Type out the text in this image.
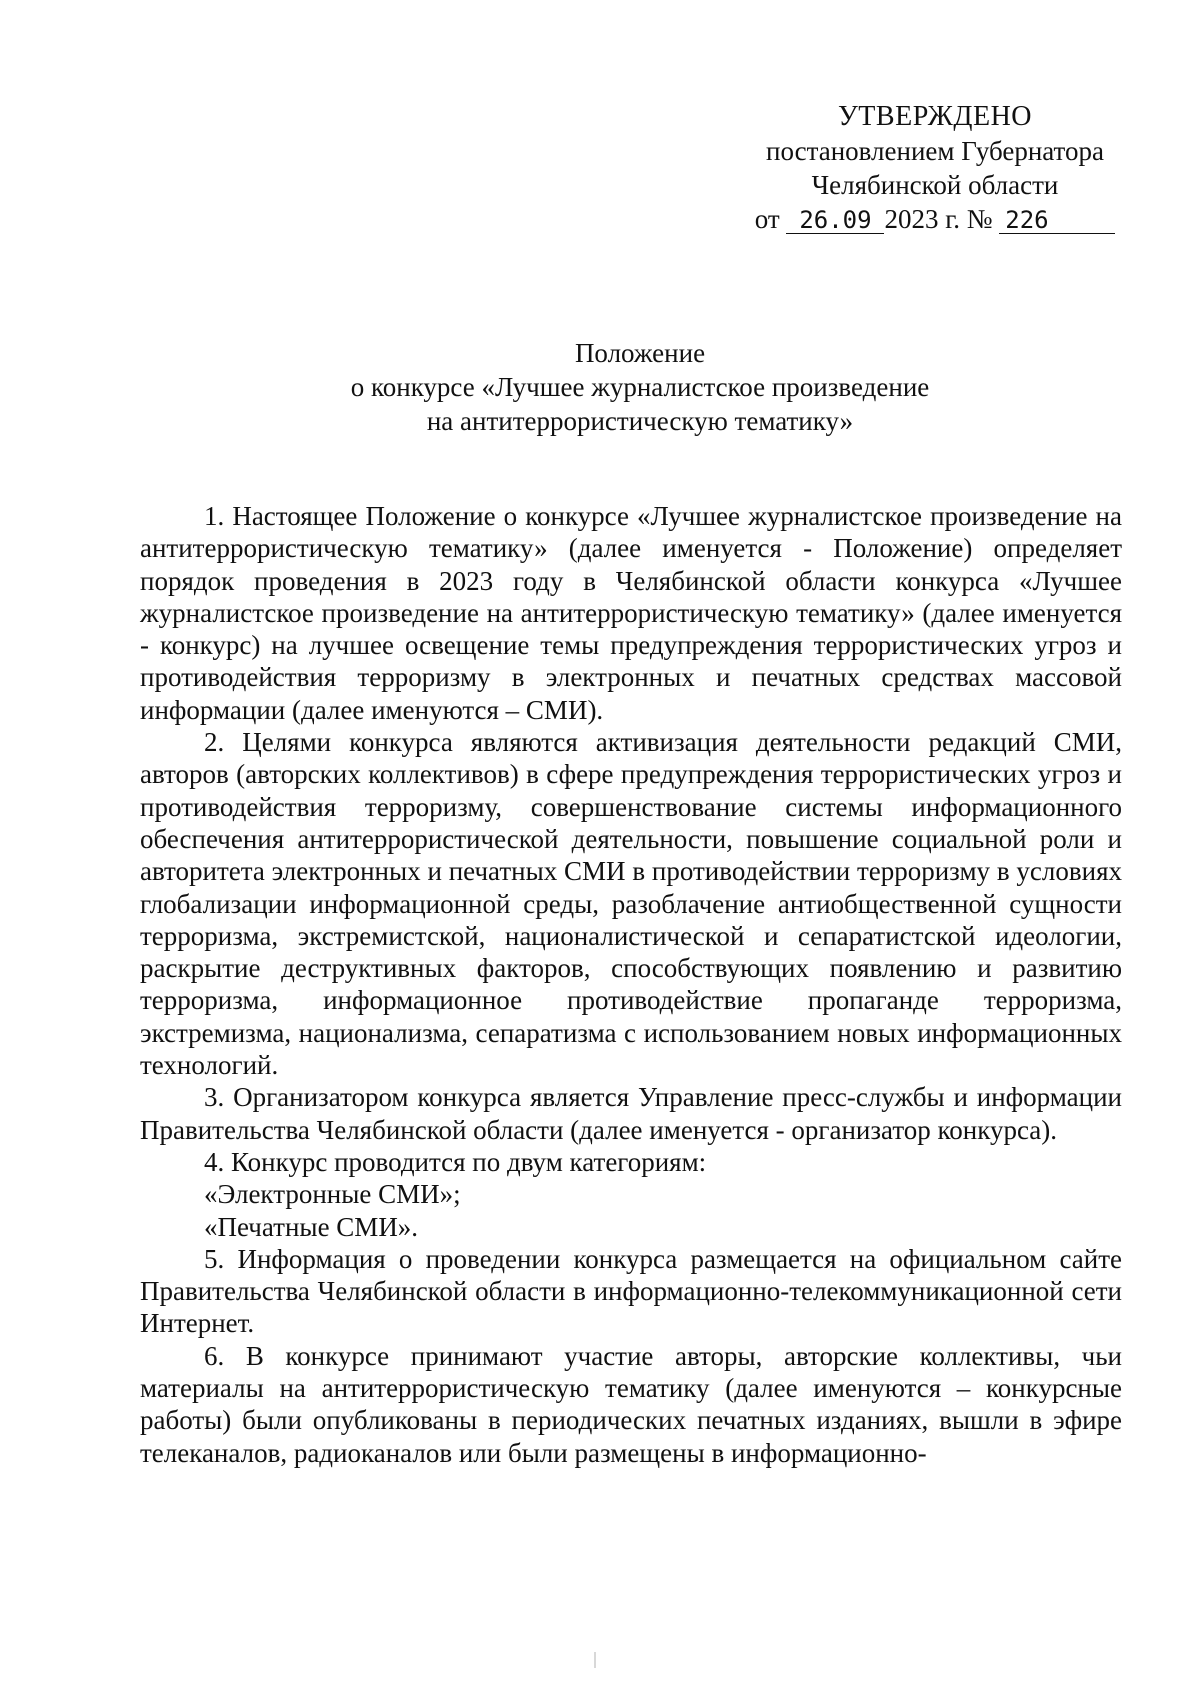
УТВЕРЖДЕНО
постановлением Губернатора
Челябинской области
от 26.09 2023 г. № 226
Положение
о конкурсе «Лучшее журналистское произведение
на антитеррористическую тематику»

1. Настоящее Положение о конкурсе «Лучшее журналистское произведение на антитеррористическую тематику» (далее именуется - Положение) определяет порядок проведения в 2023 году в Челябинской области конкурса «Лучшее журналистское произведение на антитеррористическую тематику» (далее именуется - конкурс) на лучшее освещение темы предупреждения террористических угроз и противодействия терроризму в электронных и печатных средствах массовой информации (далее именуются – СМИ).

2. Целями конкурса являются активизация деятельности редакций СМИ, авторов (авторских коллективов) в сфере предупреждения террористических угроз и противодействия терроризму, совершенствование системы информационного обеспечения антитеррористической деятельности, повышение социальной роли и авторитета электронных и печатных СМИ в противодействии терроризму в условиях глобализации информационной среды, разоблачение антиобщественной сущности терроризма, экстремистской, националистической и сепаратистской идеологии, раскрытие деструктивных факторов, способствующих появлению и развитию терроризма, информационное противодействие пропаганде терроризма, экстремизма, национализма, сепаратизма с использованием новых информационных технологий.

3. Организатором конкурса является Управление пресс-службы и информации Правительства Челябинской области (далее именуется - организатор конкурса).

4. Конкурс проводится по двум категориям:

«Электронные СМИ»;

«Печатные СМИ».

5. Информация о проведении конкурса размещается на официальном сайте Правительства Челябинской области в информационно-телекоммуникационной сети Интернет.

6. В конкурсе принимают участие авторы, авторские коллективы, чьи материалы на антитеррористическую тематику (далее именуются – конкурсные работы) были опубликованы в периодических печатных изданиях, вышли в эфире телеканалов, радиоканалов или были размещены в информационно-
